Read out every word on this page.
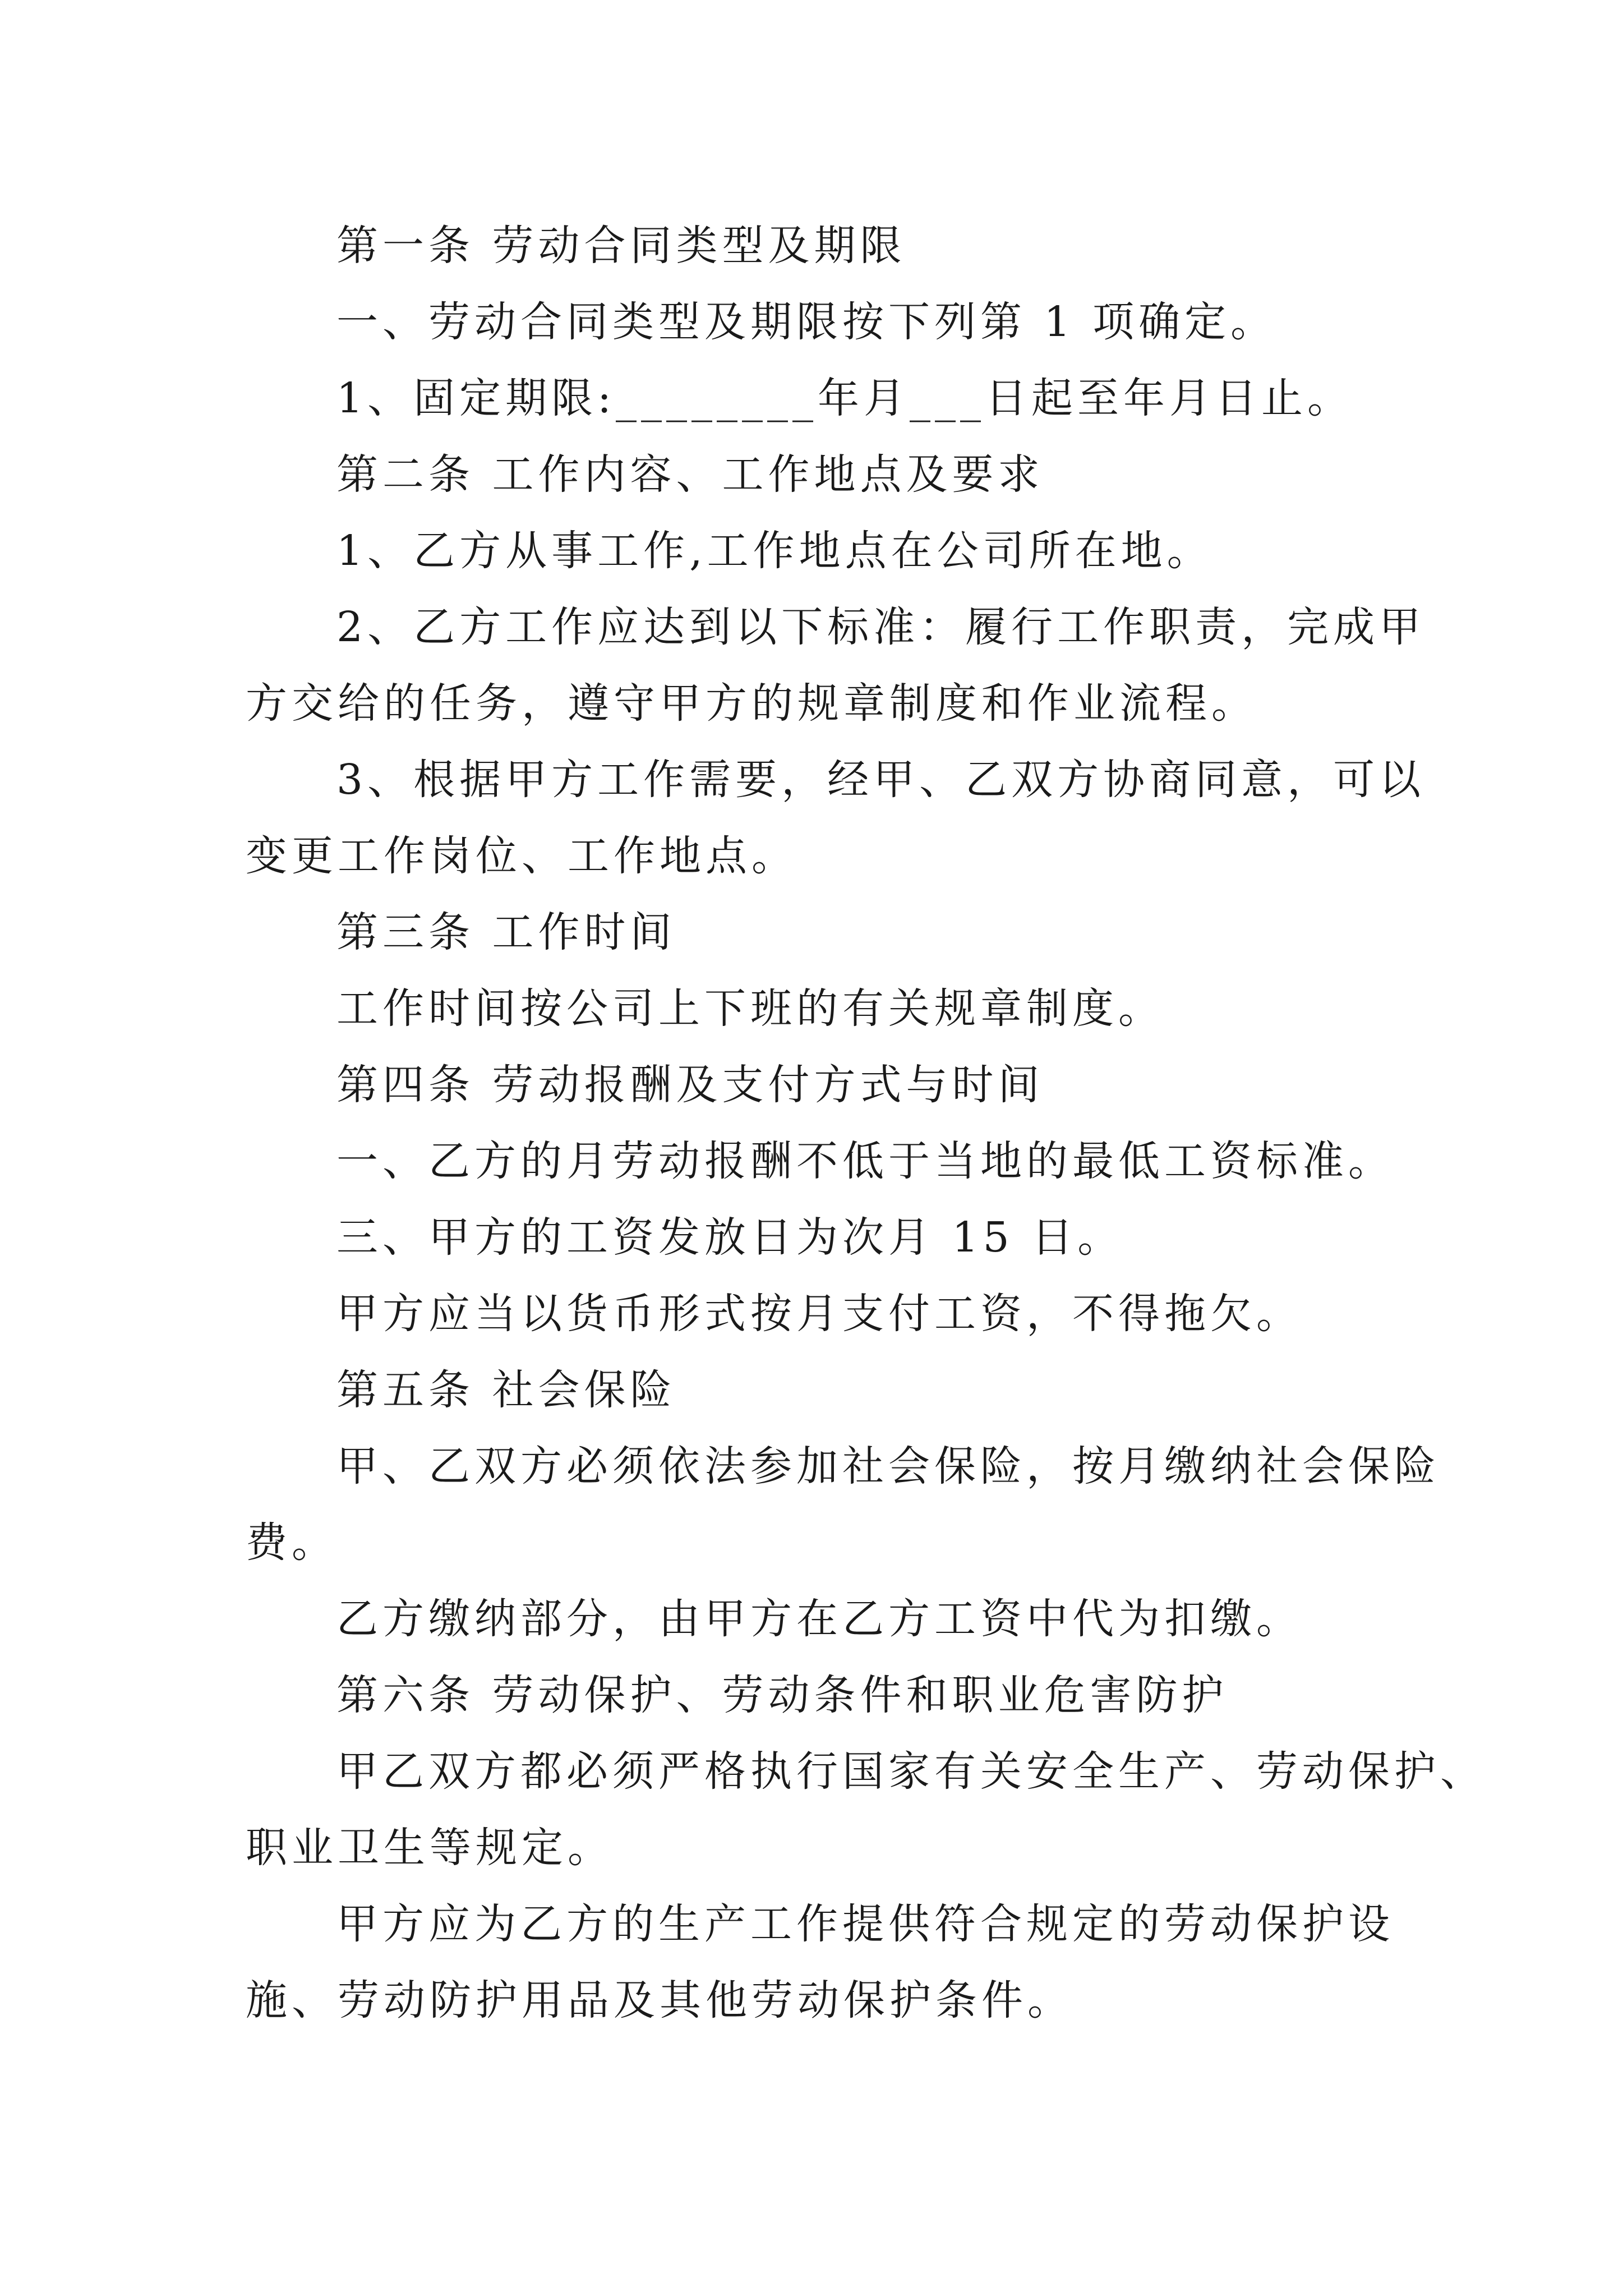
第一条 劳动合同类型及期限
一、劳动合同类型及期限按下列第 1 项确定。
1、固定期限:________年月___日起至年月日止。
第二条 工作内容、工作地点及要求
1、乙方从事工作,工作地点在公司所在地。
2、乙方工作应达到以下标准：履行工作职责，完成甲
方交给的任务，遵守甲方的规章制度和作业流程。
3、根据甲方工作需要，经甲、乙双方协商同意，可以
变更工作岗位、工作地点。
第三条 工作时间
工作时间按公司上下班的有关规章制度。
第四条 劳动报酬及支付方式与时间
一、乙方的月劳动报酬不低于当地的最低工资标准。
三、甲方的工资发放日为次月 15 日。
甲方应当以货币形式按月支付工资，不得拖欠。
第五条 社会保险
甲、乙双方必须依法参加社会保险，按月缴纳社会保险
费。
乙方缴纳部分，由甲方在乙方工资中代为扣缴。
第六条 劳动保护、劳动条件和职业危害防护
甲乙双方都必须严格执行国家有关安全生产、劳动保护、
职业卫生等规定。
甲方应为乙方的生产工作提供符合规定的劳动保护设
施、劳动防护用品及其他劳动保护条件。
